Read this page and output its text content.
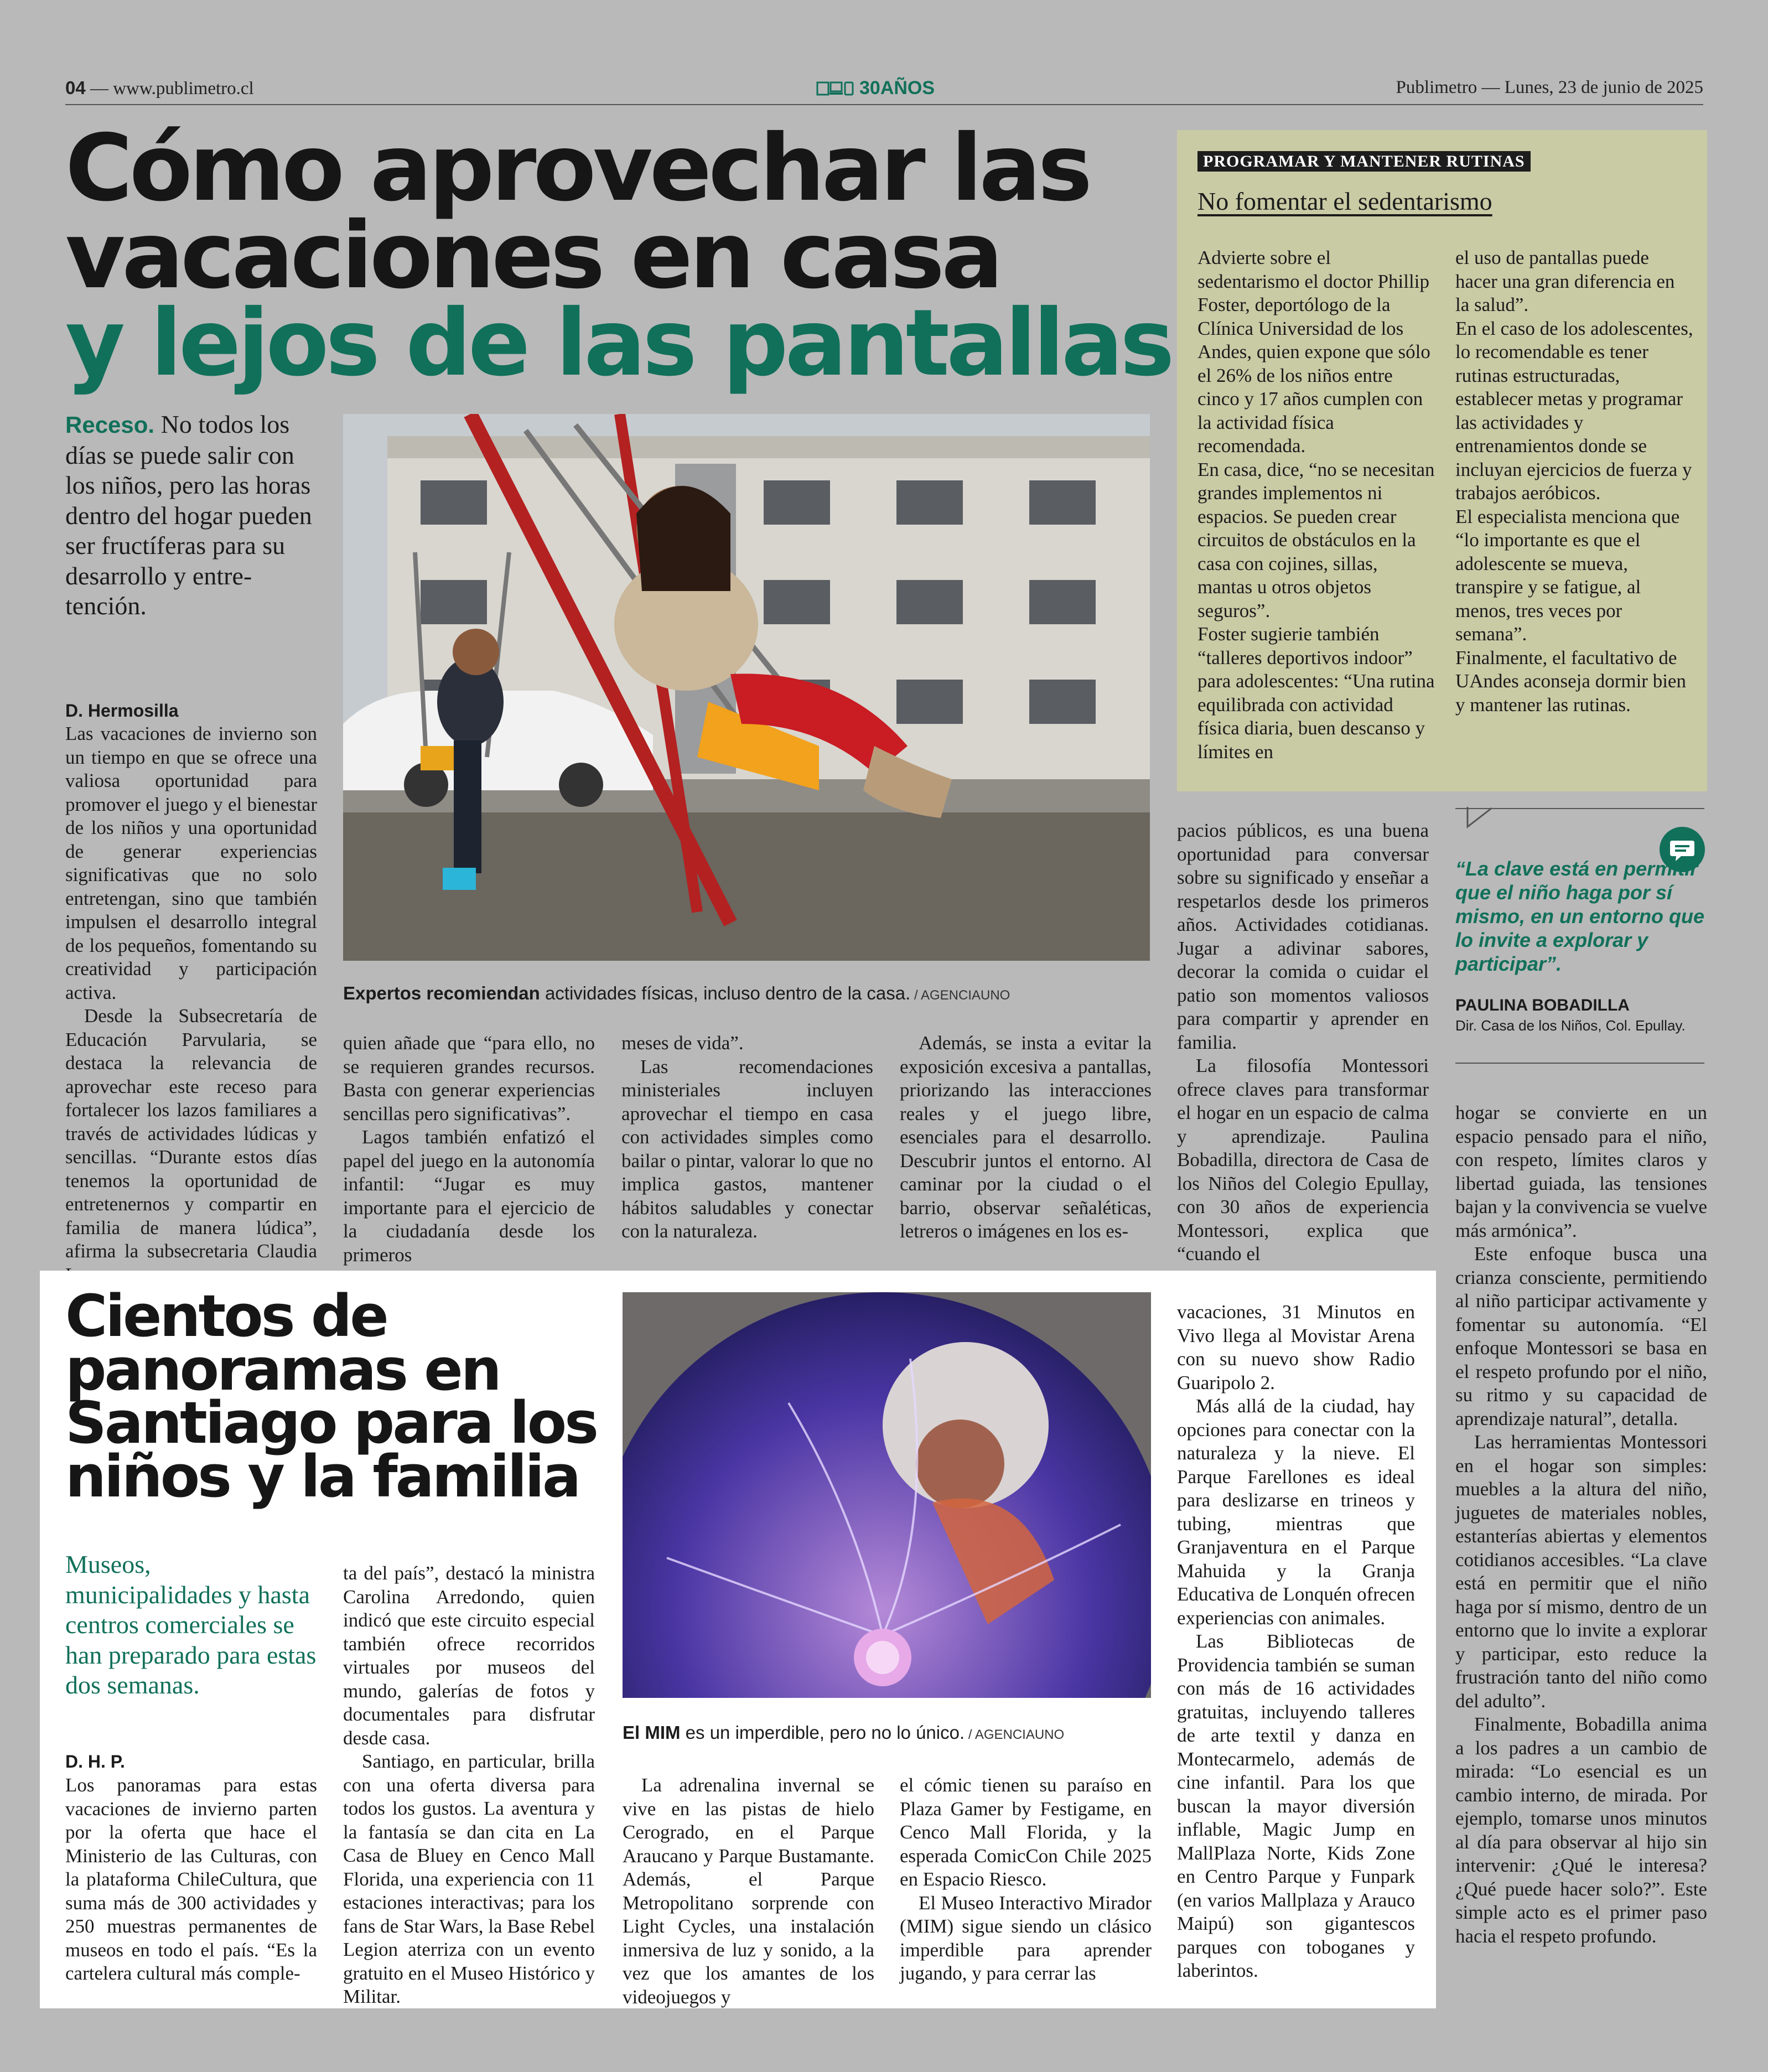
04 — www.publimetro.cl	30AÑOS	Publimetro — Lunes, 23 de junio de 2025
Cómo aprovechar las
vacaciones en casa
y lejos de las pantallas
Receso. No todos los días se puede salir con los niños, pero las horas dentro del hogar pueden ser fructíferas para su desarrollo y entre-tención.
D. Hermosilla

Las vacaciones de invierno son un tiempo en que se ofrece una valiosa oportunidad para promover el juego y el bienestar de los niños y una oportunidad de generar experiencias significativas que no solo entretengan, sino que también impulsen el desarrollo integral de los pequeños, fomentando su creatividad y participación activa.

Desde la Subsecretaría de Educación Parvularia, se destaca la relevancia de aprovechar este receso para fortalecer los lazos familiares a través de actividades lúdicas y sencillas. “Durante estos días tenemos la oportunidad de entretenernos y compartir en familia de manera lúdica”, afirma la subsecretaria Claudia

Expertos recomiendan actividades físicas, incluso dentro de la casa. / AGENCIAUNO

quien añade que “para ello, no se requieren grandes recursos. Basta con generar experiencias sencillas pero significativas”.

Lagos también enfatizó el papel del juego en la autonomía infantil: “Jugar es muy importante para el ejercicio de la ciudadanía desde los primeros

meses de vida”.

Las recomendaciones ministeriales incluyen aprovechar el tiempo en casa con actividades simples como bailar o pintar, valorar lo que no implica gastos, mantener hábitos saludables y conectar con la naturaleza.

Además, se insta a evitar la exposición excesiva a pantallas, priorizando las interacciones reales y el juego libre, esenciales para el desarrollo. Descubrir juntos el entorno. Al caminar por la ciudad o el barrio, observar señaléticas, letreros o imágenes en los es-

pacios públicos, es una buena oportunidad para conversar sobre su significado y enseñar a respetarlos desde los primeros años. Actividades cotidianas. Jugar a adivinar sabores, decorar la comida o cuidar el patio son momentos valiosos para compartir y aprender en familia.

La filosofía Montessori ofrece claves para transformar el hogar en un espacio de calma y aprendizaje. Paulina Bobadilla, directora de Casa de los Niños del Colegio Epullay, con 30 años de experiencia Montessori, explica que “cuando el

PROGRAMAR Y MANTENER RUTINAS
No fomentar el sedentarismo

Advierte sobre el sedentarismo el doctor Phillip Foster, deportólogo de la Clínica Universidad de los Andes, quien expone que sólo el 26% de los niños entre cinco y 17 años cumplen con la actividad física recomendada.

En casa, dice, “no se necesitan grandes implementos ni espacios. Se pueden crear circuitos de obstáculos en la casa con cojines, sillas, mantas u otros objetos seguros”.

Foster sugierie también “talleres deportivos indoor” para adolescentes: “Una rutina equilibrada con actividad física diaria, buen descanso y límites en

el uso de pantallas puede hacer una gran diferencia en la salud”.

En el caso de los adolescentes, lo recomendable es tener rutinas estructuradas, establecer metas y programar las actividades y entrenamientos donde se incluyan ejercicios de fuerza y trabajos aeróbicos.

El especialista menciona que “lo importante es que el adolescente se mueva, transpire y se fatigue, al menos, tres veces por semana”.

Finalmente, el facultativo de UAndes aconseja dormir bien y mantener las rutinas.

“La clave está en permitir que el niño haga por sí mismo, en un entorno que lo invite a explorar y participar”.
PAULINA BOBADILLA
Dir. Casa de los Niños, Col. Epullay.

hogar se convierte en un espacio pensado para el niño, con respeto, límites claros y libertad guiada, las tensiones bajan y la convivencia se vuelve más armónica”.

Este enfoque busca una crianza consciente, permitiendo al niño participar activamente y fomentar su autonomía. “El enfoque Montessori se basa en el respeto profundo por el niño, su ritmo y su capacidad de aprendizaje natural”, detalla.

Las herramientas Montessori en el hogar son simples: muebles a la altura del niño, juguetes de materiales nobles, estanterías abiertas y elementos cotidianos accesibles. “La clave está en permitir que el niño haga por sí mismo, dentro de un entorno que lo invite a explorar y participar, esto reduce la frustración tanto del niño como del adulto”.

Finalmente, Bobadilla anima a los padres a un cambio de mirada: “Lo esencial es un cambio interno, de mirada. Por ejemplo, tomarse unos minutos al día para observar al hijo sin intervenir: ¿Qué le interesa? ¿Qué puede hacer solo?”. Este simple acto es el primer paso hacia el respeto profundo.

Cientos de
panoramas en
Santiago para los
niños y la familia
Museos, municipalidades y hasta centros comerciales se han preparado para estas dos semanas.
D. H. P.

Los panoramas para estas vacaciones de invierno parten por la oferta que hace el Ministerio de las Culturas, con la plataforma ChileCultura, que suma más de 300 actividades y 250 muestras permanentes de museos en todo el país. “Es la cartelera cultural más comple-

ta del país”, destacó la ministra Carolina Arredondo, quien indicó que este circuito especial también ofrece recorridos virtuales por museos del mundo, galerías de fotos y documentales para disfrutar desde casa.

Santiago, en particular, brilla con una oferta diversa para todos los gustos. La aventura y la fantasía se dan cita en La Casa de Bluey en Cenco Mall Florida, una experiencia con 11 estaciones interactivas; para los fans de Star Wars, la Base Rebel Legion aterriza con un evento gratuito en el Museo Histórico y Militar.

El MIM es un imperdible, pero no lo único. / AGENCIAUNO

La adrenalina invernal se vive en las pistas de hielo Cerogrado, en el Parque Araucano y Parque Bustamante. Además, el Parque Metropolitano sorprende con Light Cycles, una instalación inmersiva de luz y sonido, a la vez que los amantes de los videojuegos y

el cómic tienen su paraíso en Plaza Gamer by Festigame, en Cenco Mall Florida, y la esperada ComicCon Chile 2025 en Espacio Riesco.

El Museo Interactivo Mirador (MIM) sigue siendo un clásico imperdible para aprender jugando, y para cerrar las

vacaciones, 31 Minutos en Vivo llega al Movistar Arena con su nuevo show Radio Guaripolo 2.

Más allá de la ciudad, hay opciones para conectar con la naturaleza y la nieve. El Parque Farellones es ideal para deslizarse en trineos y tubing, mientras que Granjaventura en el Parque Mahuida y la Granja Educativa de Lonquén ofrecen experiencias con animales.

Las Bibliotecas de Providencia también se suman con más de 16 actividades gratuitas, incluyendo talleres de arte textil y danza en Montecarmelo, además de cine infantil. Para los que buscan la mayor diversión inflable, Magic Jump en MallPlaza Norte, Kids Zone en Centro Parque y Funpark (en varios Mallplaza y Arauco Maipú) son gigantescos parques con toboganes y laberintos.
